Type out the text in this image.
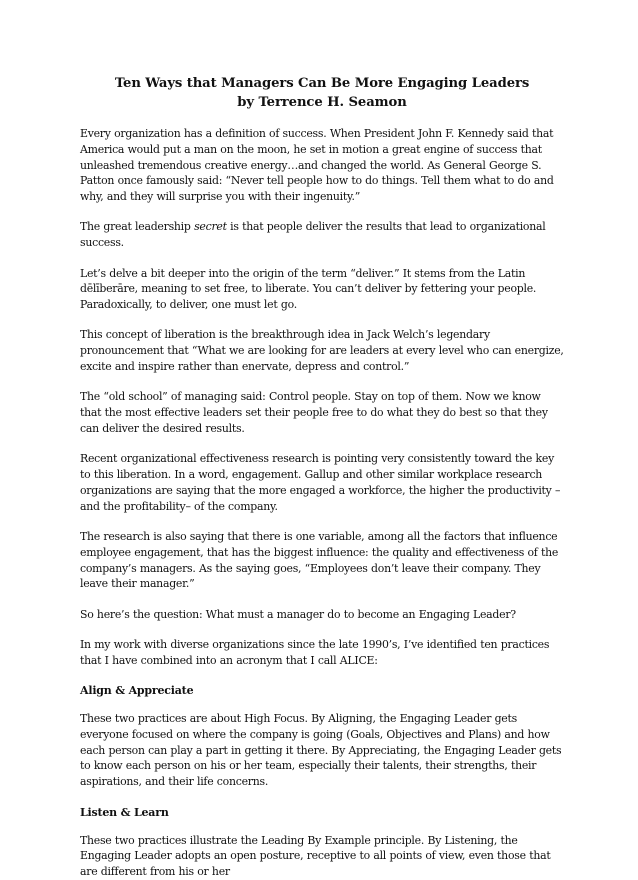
Ten Ways that Managers Can Be More Engaging Leaders
by Terrence H. Seamon

Every organization has a definition of success. When President John F. Kennedy said that America would put a man on the moon, he set in motion a great engine of success that unleashed tremendous creative energy…and changed the world. As General George S. Patton once famously said: “Never tell people how to do things. Tell them what to do and why, and they will surprise you with their ingenuity.”

The great leadership secret is that people deliver the results that lead to organizational success.

Let’s delve a bit deeper into the origin of the term “deliver.” It stems from the Latin dēlīberāre, meaning to set free, to liberate. You can’t deliver by fettering your people. Paradoxically, to deliver, one must let go.

This concept of liberation is the breakthrough idea in Jack Welch’s legendary pronouncement that “What we are looking for are leaders at every level who can energize, excite and inspire rather than enervate, depress and control.”

The “old school” of managing said: Control people. Stay on top of them. Now we know that the most effective leaders set their people free to do what they do best so that they can deliver the desired results.

Recent organizational effectiveness research is pointing very consistently toward the key to this liberation. In a word, engagement. Gallup and other similar workplace research organizations are saying that the more engaged a workforce, the higher the productivity –and the profitability– of the company.

The research is also saying that there is one variable, among all the factors that influence employee engagement, that has the biggest influence: the quality and effectiveness of the company’s managers. As the saying goes, “Employees don’t leave their company. They leave their manager.”

So here’s the question: What must a manager do to become an Engaging Leader?

In my work with diverse organizations since the late 1990’s, I’ve identified ten practices that I have combined into an acronym that I call ALICE:

Align & Appreciate

These two practices are about High Focus. By Aligning, the Engaging Leader gets everyone focused on where the company is going (Goals, Objectives and Plans) and how each person can play a part in getting it there. By Appreciating, the Engaging Leader gets to know each person on his or her team, especially their talents, their strengths, their aspirations, and their life concerns.

Listen & Learn

These two practices illustrate the Leading By Example principle. By Listening, the Engaging Leader adopts an open posture, receptive to all points of view, even those that are different from his or her
